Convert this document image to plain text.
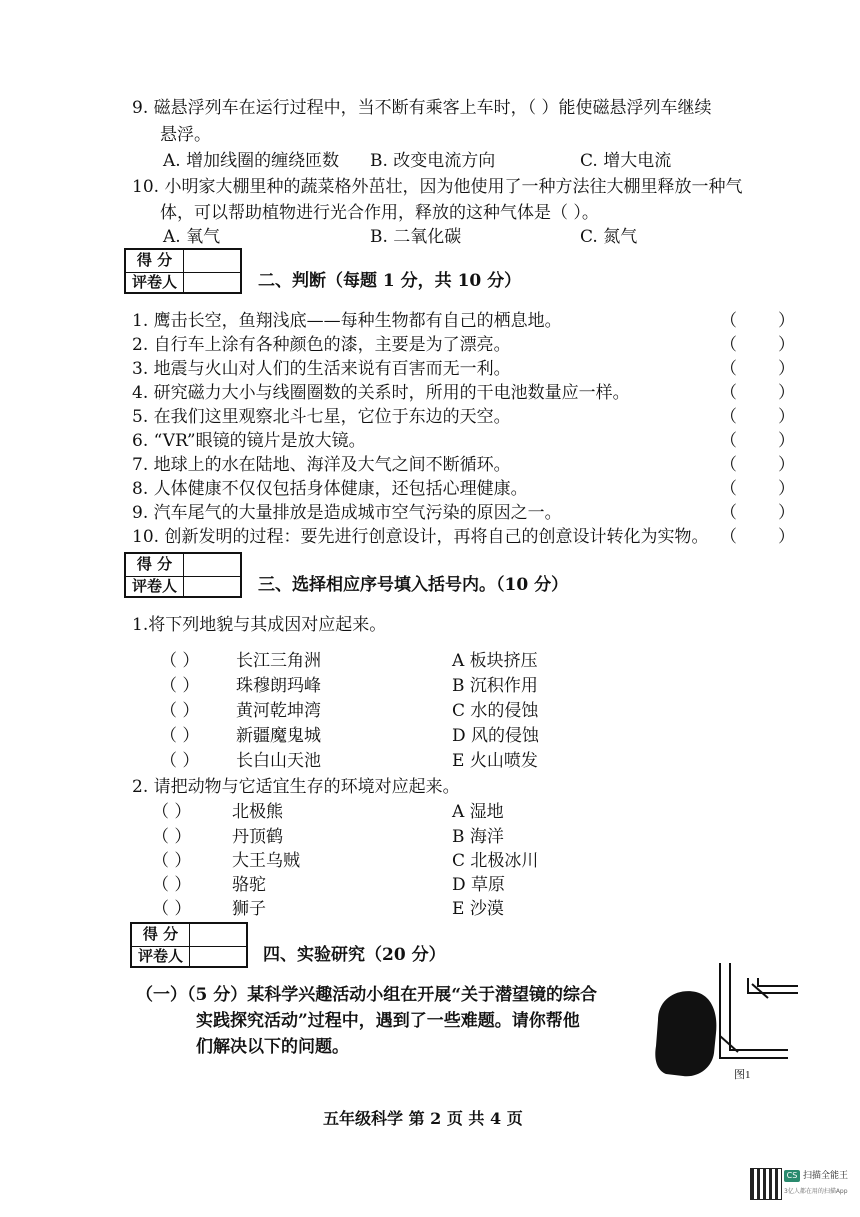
9. 磁悬浮列车在运行过程中，当不断有乘客上车时，（ ）能使磁悬浮列车继续
悬浮。
A. 增加线圈的缠绕匝数 B. 改变电流方向	C. 增大电流
10. 小明家大棚里种的蔬菜格外茁壮，因为他使用了一种方法往大棚里释放一种气
体，可以帮助植物进行光合作用，释放的这种气体是（ ）。
A. 氧气	B. 二氧化碳	C. 氮气
得 分
评卷人	二、判断（每题 1 分，共 10 分）
1. 鹰击长空，鱼翔浅底——每种生物都有自己的栖息地。	（ ）
2. 自行车上涂有各种颜色的漆，主要是为了漂亮。	（ ）
3. 地震与火山对人们的生活来说有百害而无一利。	（ ）
4. 研究磁力大小与线圈圈数的关系时，所用的干电池数量应一样。	（ ）
5. 在我们这里观察北斗七星，它位于东边的天空。	（ ）
6. “VR”眼镜的镜片是放大镜。	（ ）
7. 地球上的水在陆地、海洋及大气之间不断循环。	（ ）
8. 人体健康不仅仅包括身体健康，还包括心理健康。	（ ）
9. 汽车尾气的大量排放是造成城市空气污染的原因之一。	（ ）
10. 创新发明的过程：要先进行创意设计，再将自己的创意设计转化为实物。 （ ）
得 分
评卷人	三、选择相应序号填入括号内。（10 分）
1.将下列地貌与其成因对应起来。
（ ） 长江三角洲	A 板块挤压
（ ） 珠穆朗玛峰	B 沉积作用
（ ） 黄河乾坤湾	C 水的侵蚀
（ ） 新疆魔鬼城	D 风的侵蚀
（ ） 长白山天池	E 火山喷发
2. 请把动物与它适宜生存的环境对应起来。
（ ） 北极熊	A 湿地
（ ） 丹顶鹤	B 海洋
（ ） 大王乌贼	C 北极冰川
（ ） 骆驼	D 草原
（ ） 狮子	E 沙漠
得 分
评卷人	四、实验研究（20 分）
（一）（5 分）某科学兴趣活动小组在开展“关于潜望镜的综合
实践探究活动”过程中，遇到了一些难题。请你帮他
们解决以下的问题。
图1
五年级科学 第 2 页 共 4 页
CS 扫描全能王
3亿人都在用的扫描App
